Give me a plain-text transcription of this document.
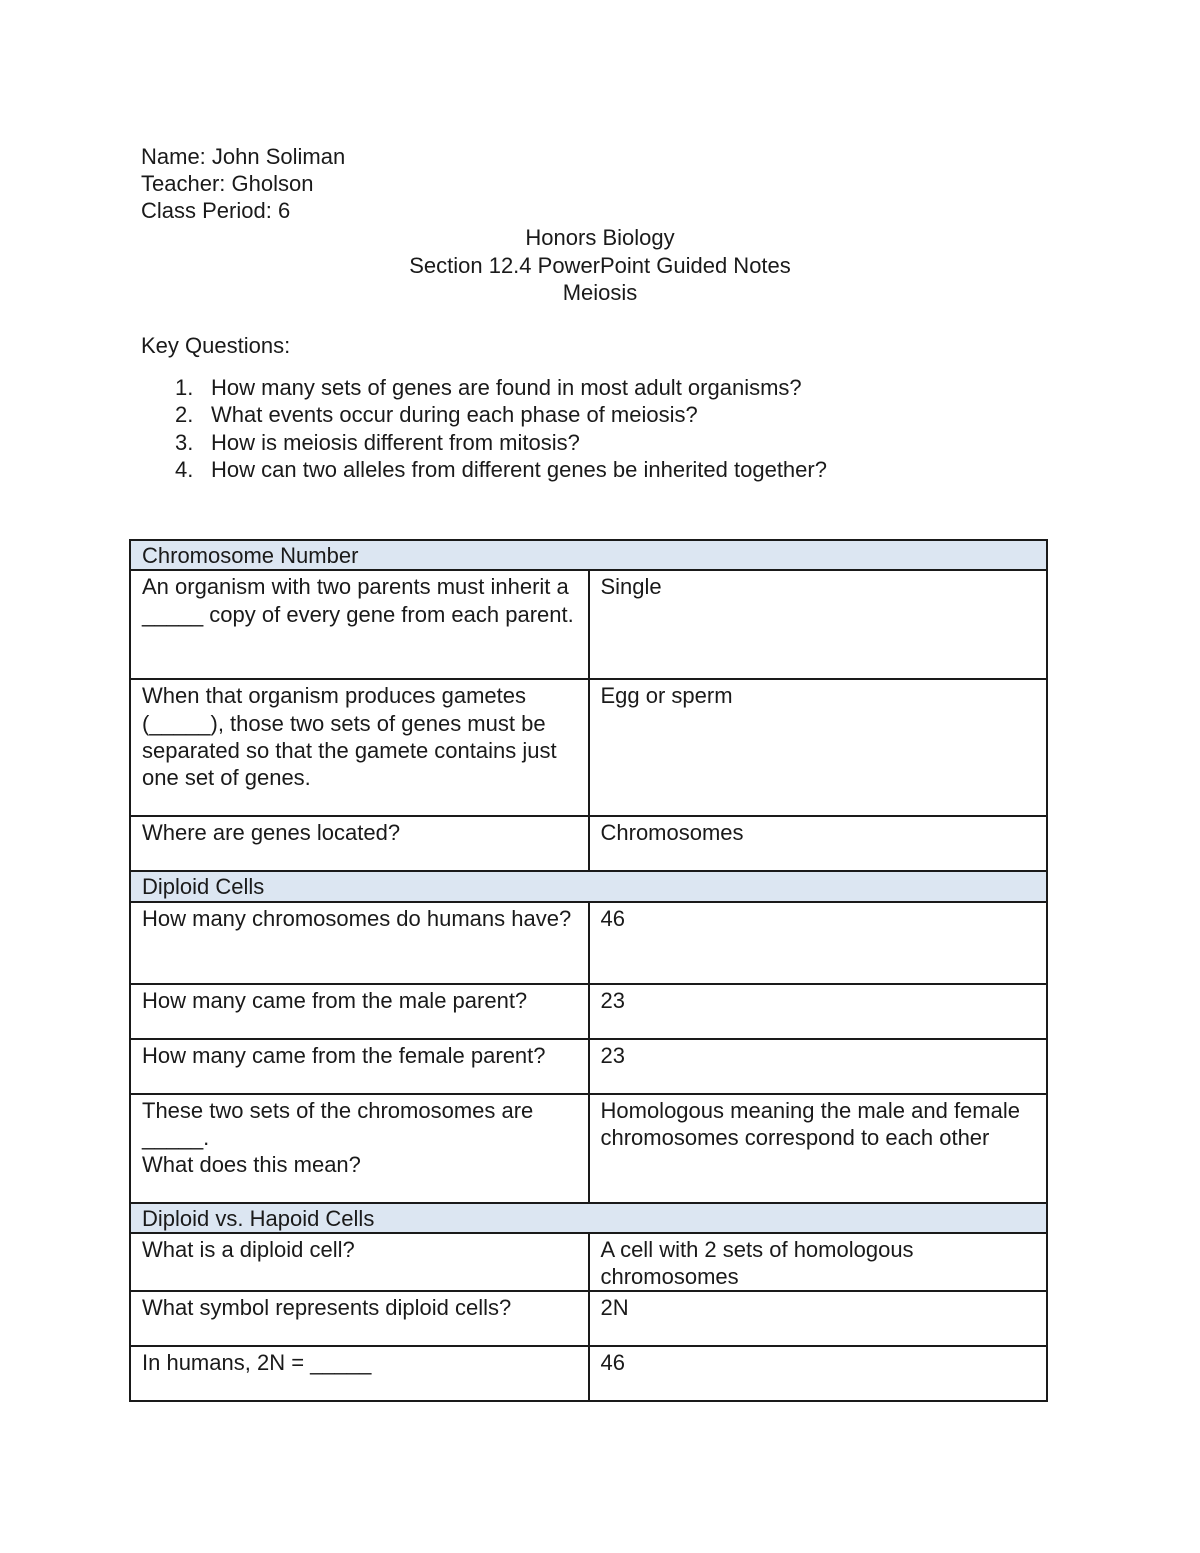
Name: John Soliman
Teacher: Gholson
Class Period: 6
Honors Biology
Section 12.4 PowerPoint Guided Notes
Meiosis
Key Questions:
1. How many sets of genes are found in most adult organisms?
2. What events occur during each phase of meiosis?
3. How is meiosis different from mitosis?
4. How can two alleles from different genes be inherited together?
Chromosome Number	
An organism with two parents must inherit a _____ copy of every gene from each parent.	Single
When that organism produces gametes (_____), those two sets of genes must be separated so that the gamete contains just one set of genes.	Egg or sperm
Where are genes located?	Chromosomes
Diploid Cells	
How many chromosomes do humans have?	46
How many came from the male parent?	23
How many came from the female parent?	23
These two sets of the chromosomes are _____.
What does this mean?	Homologous meaning the male and female chromosomes correspond to each other
Diploid vs. Hapoid Cells	
What is a diploid cell?	A cell with 2 sets of homologous chromosomes
What symbol represents diploid cells?	2N
In humans, 2N = _____	46
